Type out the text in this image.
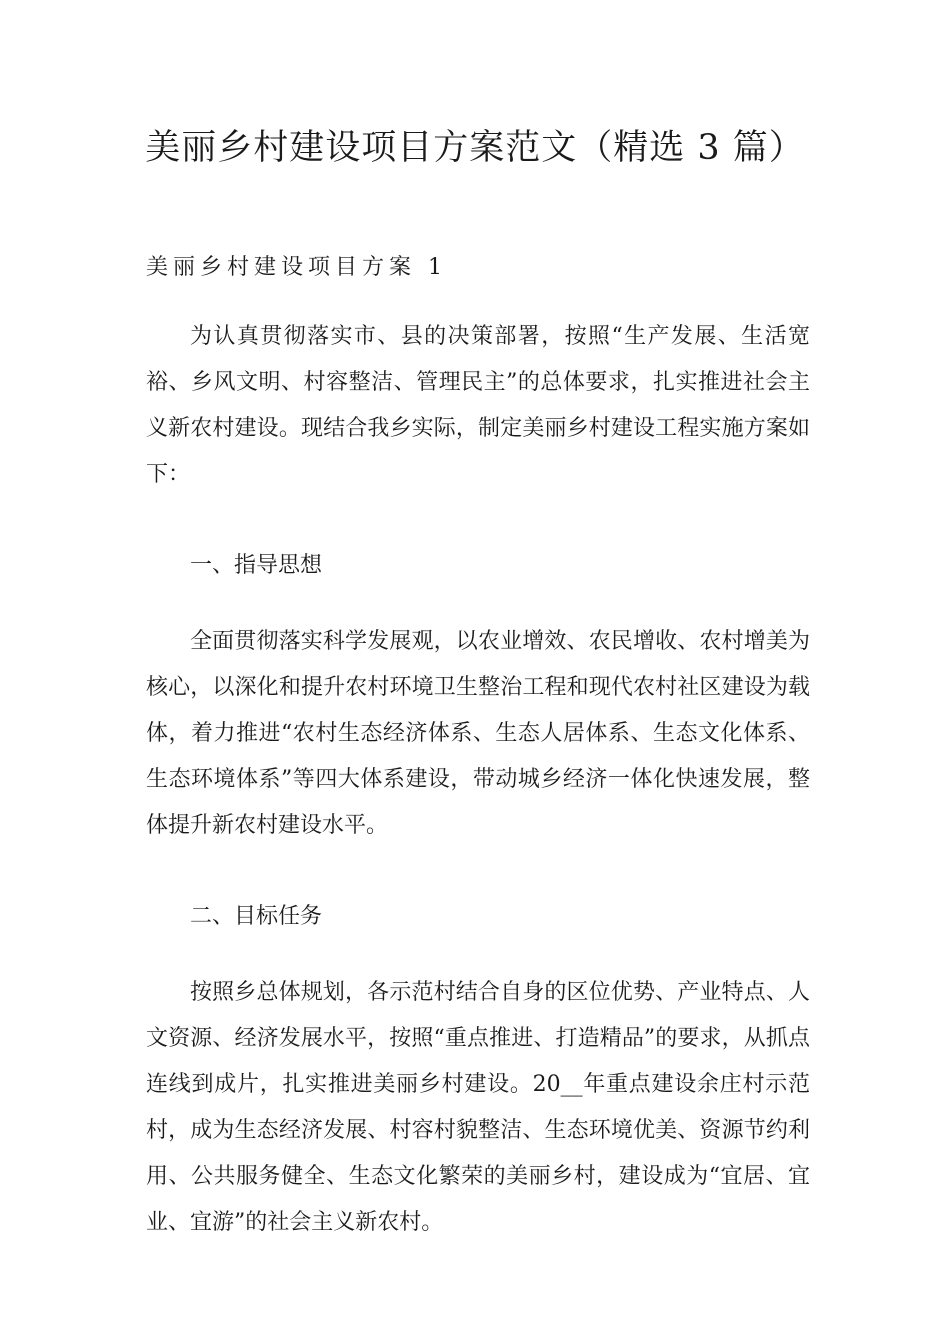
美丽乡村建设项目方案范文（精选 3 篇）
美丽乡村建设项目方案 1

为认真贯彻落实市、县的决策部署，按照“生产发展、生活宽裕、乡风文明、村容整洁、管理民主”的总体要求，扎实推进社会主义新农村建设。现结合我乡实际，制定美丽乡村建设工程实施方案如下：

一、指导思想

全面贯彻落实科学发展观，以农业增效、农民增收、农村增美为核心，以深化和提升农村环境卫生整治工程和现代农村社区建设为载体，着力推进“农村生态经济体系、生态人居体系、生态文化体系、生态环境体系”等四大体系建设，带动城乡经济一体化快速发展，整体提升新农村建设水平。

二、目标任务

按照乡总体规划，各示范村结合自身的区位优势、产业特点、人文资源、经济发展水平，按照“重点推进、打造精品”的要求，从抓点连线到成片，扎实推进美丽乡村建设。20__年重点建设余庄村示范村，成为生态经济发展、村容村貌整洁、生态环境优美、资源节约利用、公共服务健全、生态文化繁荣的美丽乡村，建设成为“宜居、宜业、宜游”的社会主义新农村。
